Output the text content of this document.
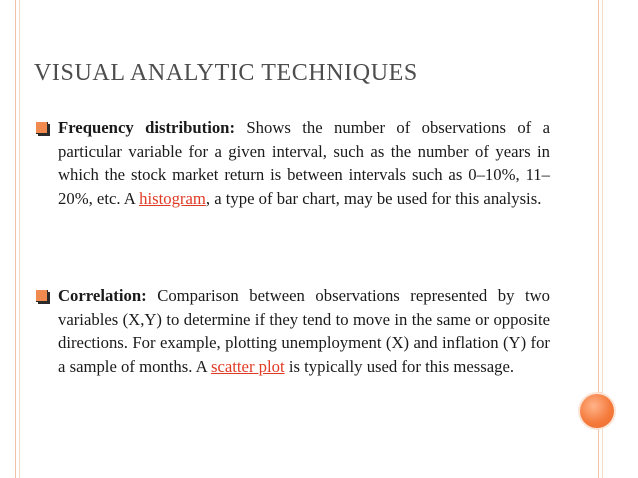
VISUAL ANALYTIC TECHNIQUES
Frequency distribution: Shows the number of observations of a particular variable for a given interval, such as the number of years in which the stock market return is between intervals such as 0–10%, 11–20%, etc. A histogram, a type of bar chart, may be used for this analysis.
Correlation: Comparison between observations represented by two variables (X,Y) to determine if they tend to move in the same or opposite directions. For example, plotting unemployment (X) and inflation (Y) for a sample of months. A scatter plot is typically used for this message.
